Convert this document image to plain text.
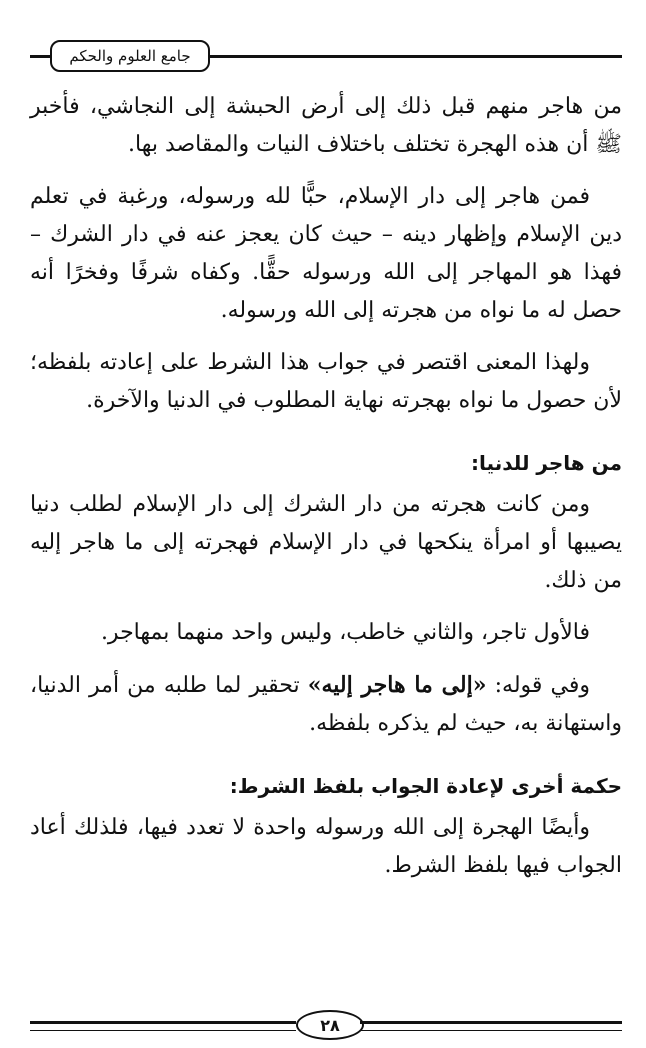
جامع العلوم والحكم

من هاجر منهم قبل ذلك إلى أرض الحبشة إلى النجاشي، فأخبر ﷺ أن هذه الهجرة تختلف باختلاف النيات والمقاصد بها.

فمن هاجر إلى دار الإسلام، حبًّا لله ورسوله، ورغبة في تعلم دين الإسلام وإظهار دينه – حيث كان يعجز عنه في دار الشرك – فهذا هو المهاجر إلى الله ورسوله حقًّا. وكفاه شرفًا وفخرًا أنه حصل له ما نواه من هجرته إلى الله ورسوله.

ولهذا المعنى اقتصر في جواب هذا الشرط على إعادته بلفظه؛ لأن حصول ما نواه بهجرته نهاية المطلوب في الدنيا والآخرة.

من هاجر للدنيا:

ومن كانت هجرته من دار الشرك إلى دار الإسلام لطلب دنيا يصيبها أو امرأة ينكحها في دار الإسلام فهجرته إلى ما هاجر إليه من ذلك.

فالأول تاجر، والثاني خاطب، وليس واحد منهما بمهاجر.

وفي قوله: «إلى ما هاجر إليه» تحقير لما طلبه من أمر الدنيا، واستهانة به، حيث لم يذكره بلفظه.

حكمة أخرى لإعادة الجواب بلفظ الشرط:

وأيضًا الهجرة إلى الله ورسوله واحدة لا تعدد فيها، فلذلك أعاد الجواب فيها بلفظ الشرط.

٢٨
